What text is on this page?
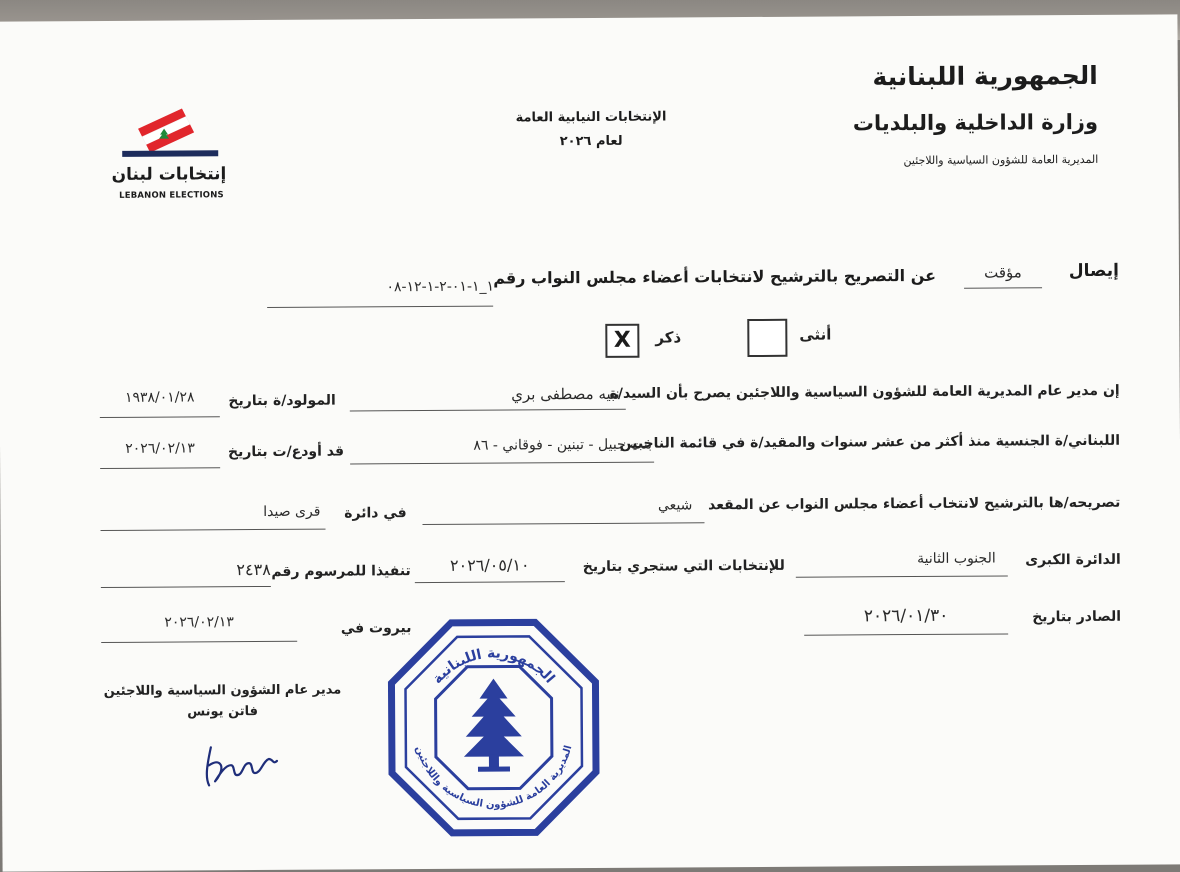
الجمهورية اللبنانية
وزارة الداخلية والبلديات
المديرية العامة للشؤون السياسية واللاجئين
الإنتخابات النيابية العامة
لعام ٢٠٢٦
إنتخابات لبنان
LEBANON ELECTIONS
إيصال
مؤقت
عن التصريح بالترشيح لانتخابات أعضاء مجلس النواب رقم
١_١-٠١-٢-١-١٢-٠٨
أنثى
ذكر
X
إن مدير عام المديرية العامة للشؤون السياسية واللاجئين يصرح بأن السيد/ة
نبيه مصطفى بري
المولود/ة بتاريخ
١٩٣٨/٠١/٢٨
اللبناني/ة الجنسية منذ أكثر من عشر سنوات والمقيد/ة في قائمة الناخبين
بنت جبيل - تبنين - فوقاني - ٨٦
قد أودع/ت بتاريخ
٢٠٢٦/٠٢/١٣
تصريحه/ها بالترشيح لانتخاب أعضاء مجلس النواب عن المقعد
شيعي
في دائرة
قرى صيدا
الدائرة الكبرى
الجنوب الثانية
للإنتخابات التي ستجري بتاريخ
٢٠٢٦/٠٥/١٠
تنفيذا للمرسوم رقم
٢٤٣٨
الصادر بتاريخ
٢٠٢٦/٠١/٣٠
بيروت في
٢٠٢٦/٠٢/١٣
مدير عام الشؤون السياسية واللاجئين
فاتن يونس
الجمهورية اللبنانية
المديرية العامة للشؤون السياسية واللاجئين
